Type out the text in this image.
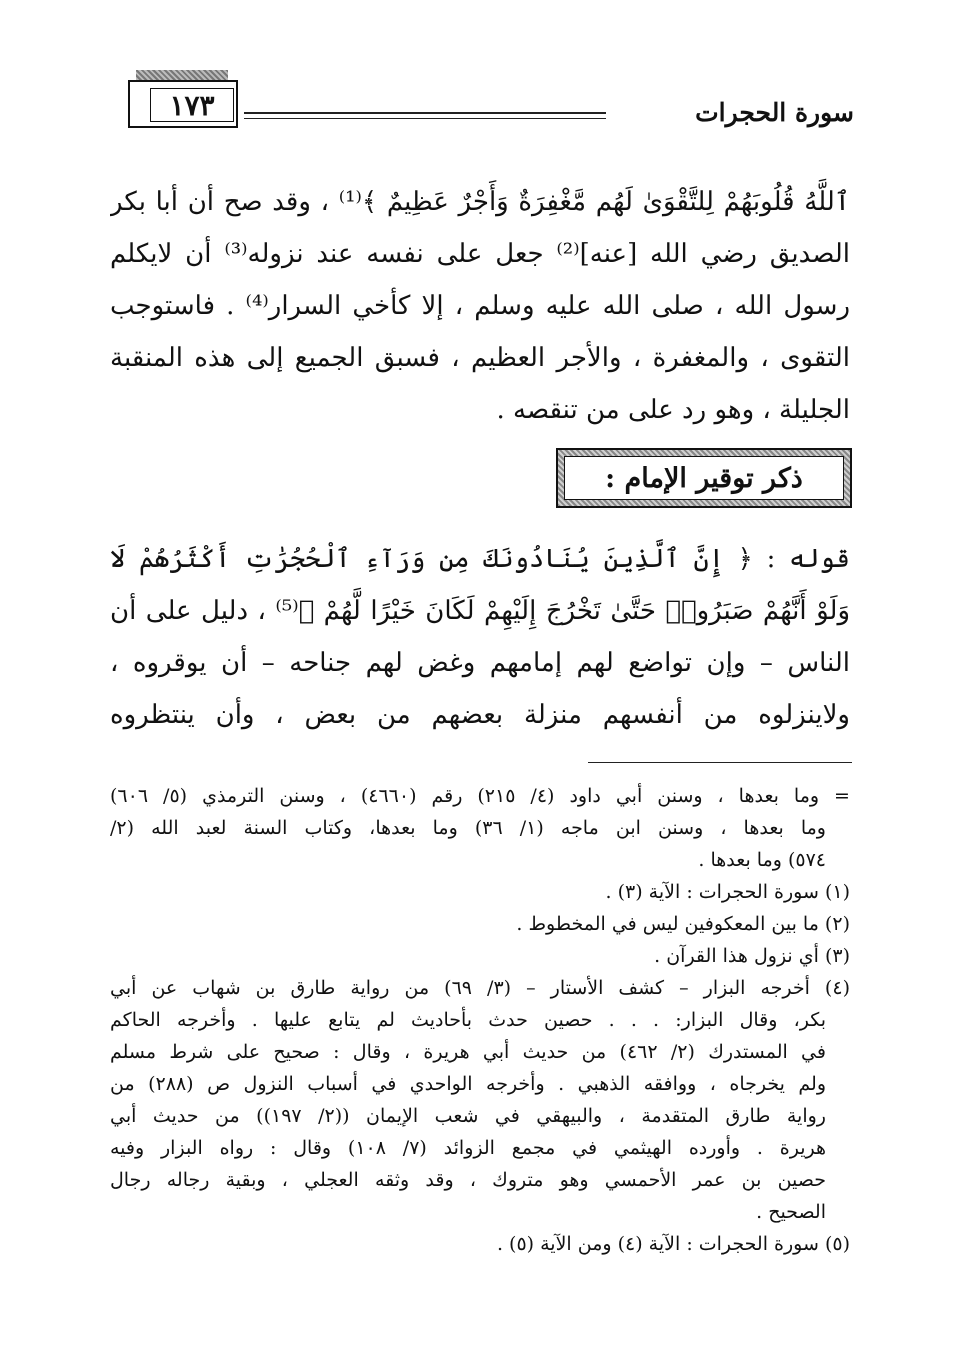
١٧٣	سورة الحجرات
ٱللَّهُ قُلُوبَهُمْ لِلتَّقْوَىٰ لَهُم مَّغْفِرَةٌ وَأَجْرٌ عَظِيمٌ ﴾⁽¹⁾ ، وقد صح أن أبا بكر
الصديق رضي الله [عنه]⁽²⁾ جعل على نفسه عند نزوله⁽³⁾ أن لايكلم
رسول الله ، صلى الله عليه وسلم ، إلا كأخي السرار⁽⁴⁾ . فاستوجب
التقوى ، والمغفرة ، والأجر العظيم ، فسبق الجميع إلى هذه المنقبة
الجليلة ، وهو رد على من تنقصه .
ذكر توقير الإمام :
قوله : ﴿ إِنَّ ٱلَّذِينَ يُنَادُونَكَ مِن وَرَآءِ ٱلْحُجُرَٰتِ أَكْثَرُهُمْ لَا
وَلَوْ أَنَّهُمْ صَبَرُوا۟ حَتَّىٰ تَخْرُجَ إِلَيْهِمْ لَكَانَ خَيْرًا لَّهُمْ ﴾⁽⁵⁾ ، دليل على أن
الناس – وإن تواضع لهم إمامهم وغض لهم جناحه – أن يوقروه ،
ولاينزلوه من أنفسهم منزلة بعضهم من بعض ، وأن ينتظروه
= وما بعدها ، وسنن أبي داود (٤/ ٢١٥) رقم (٤٦٦٠) ، وسنن الترمذي (٥/ ٦٠٦)
وما بعدها ، وسنن ابن ماجه (١/ ٣٦) وما بعدها، وكتاب السنة لعبد الله (٢/
٥٧٤) وما بعدها .
(١) سورة الحجرات : الآية (٣) .
(٢) ما بين المعكوفين ليس في المخطوط .
(٣) أي نزول هذا القرآن .
(٤) أخرجه البزار – كشف الأستار – (٣/ ٦٩) من رواية طارق بن شهاب عن أبي
بكر، وقال البزار: . . . حصين حدث بأحاديث لم يتابع عليها . وأخرجه الحاكم
في المستدرك (٢/ ٤٦٢) من حديث أبي هريرة ، وقال : صحيح على شرط مسلم
ولم يخرجاه ، ووافقه الذهبي . وأخرجه الواحدي في أسباب النزول ص (٢٨٨) من
رواية طارق المتقدمة ، والبيهقي في شعب الإيمان ((٢/ ١٩٧)) من حديث أبي
هريرة . وأورده الهيثمي في مجمع الزوائد (٧/ ١٠٨) وقال : رواه البزار وفيه
حصين بن عمر الأحمسي وهو متروك ، وقد وثقه العجلي ، وبقية رجاله رجال
الصحيح .
(٥) سورة الحجرات : الآية (٤) ومن الآية (٥) .
